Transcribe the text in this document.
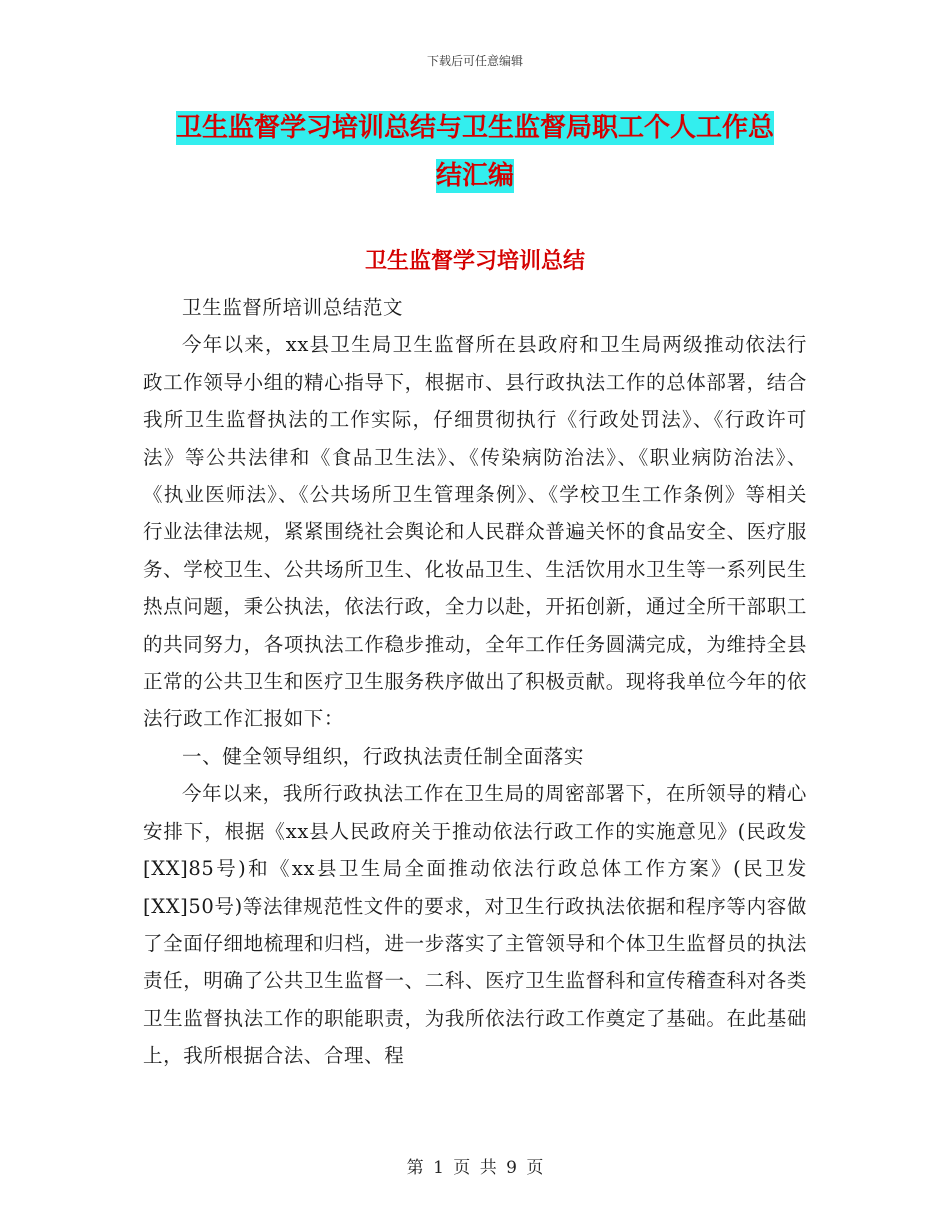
下载后可任意编辑
卫生监督学习培训总结与卫生监督局职工个人工作总
结汇编
卫生监督学习培训总结

卫生监督所培训总结范文

今年以来，xx县卫生局卫生监督所在县政府和卫生局两级推动依法行政工作领导小组的精心指导下，根据市、县行政执法工作的总体部署，结合我所卫生监督执法的工作实际，仔细贯彻执行《行政处罚法》、《行政许可法》等公共法律和《食品卫生法》、《传染病防治法》、《职业病防治法》、《执业医师法》、《公共场所卫生管理条例》、《学校卫生工作条例》等相关行业法律法规，紧紧围绕社会舆论和人民群众普遍关怀的食品安全、医疗服务、学校卫生、公共场所卫生、化妆品卫生、生活饮用水卫生等一系列民生热点问题，秉公执法，依法行政，全力以赴，开拓创新，通过全所干部职工的共同努力，各项执法工作稳步推动，全年工作任务圆满完成，为维持全县正常的公共卫生和医疗卫生服务秩序做出了积极贡献。现将我单位今年的依法行政工作汇报如下：

一、健全领导组织，行政执法责任制全面落实

今年以来，我所行政执法工作在卫生局的周密部署下，在所领导的精心安排下，根据《xx县人民政府关于推动依法行政工作的实施意见》(民政发[XX]85号)和《xx县卫生局全面推动依法行政总体工作方案》(民卫发[XX]50号)等法律规范性文件的要求，对卫生行政执法依据和程序等内容做了全面仔细地梳理和归档，进一步落实了主管领导和个体卫生监督员的执法责任，明确了公共卫生监督一、二科、医疗卫生监督科和宣传稽查科对各类卫生监督执法工作的职能职责，为我所依法行政工作奠定了基础。在此基础上，我所根据合法、合理、程

第 1 页 共 9 页
